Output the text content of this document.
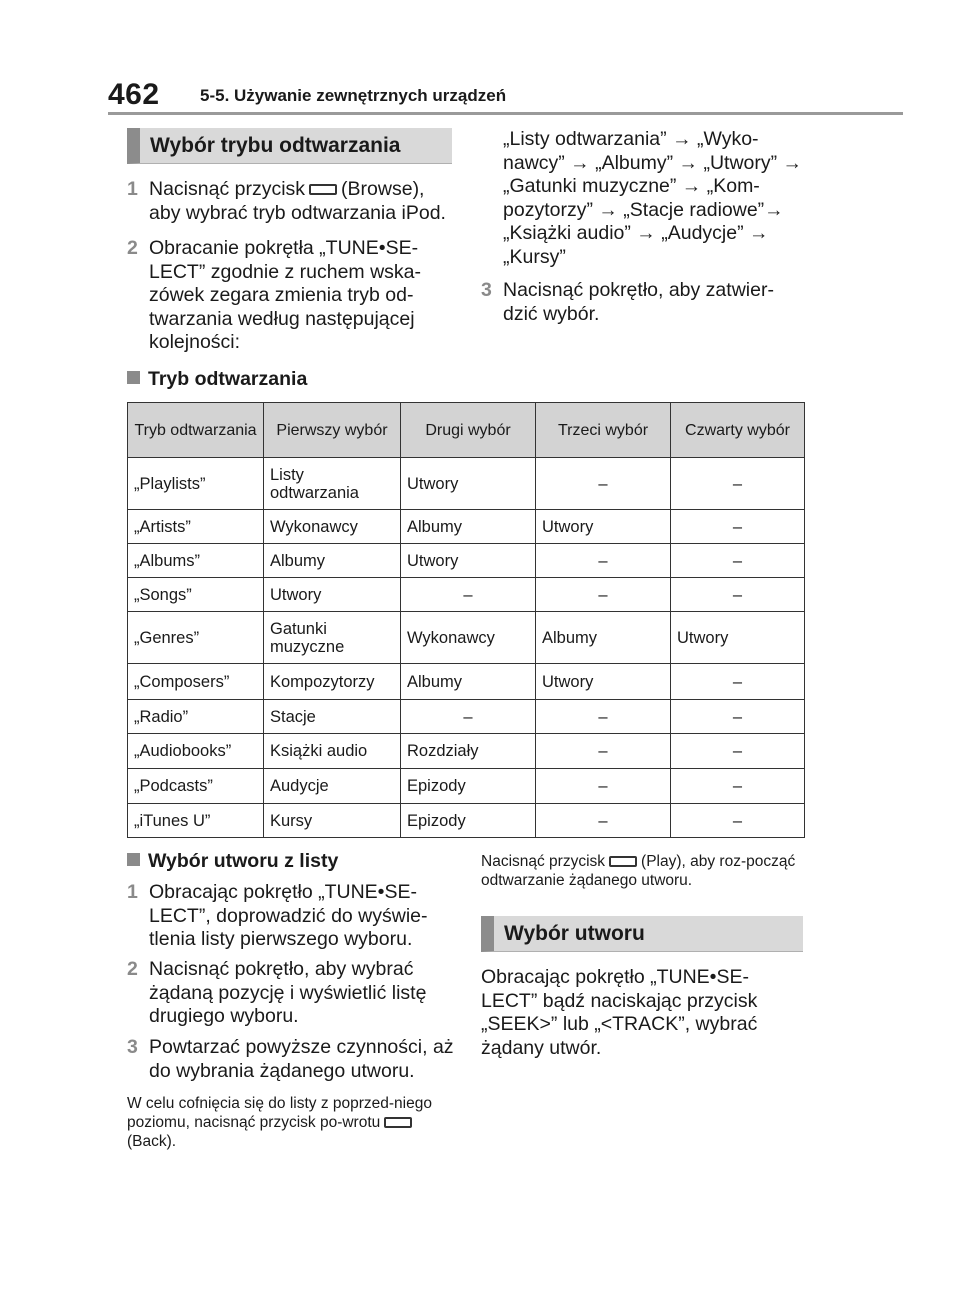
462 5-5. Używanie zewnętrznych urządzeń
Wybór trybu odtwarzania
1 Nacisnąć przycisk (Browse), aby wybrać tryb odtwarzania iPod.
2 Obracanie pokrętła „TUNE•SE-LECT” zgodnie z ruchem wska-zówek zegara zmienia tryb od-twarzania według następującej kolejności:
„Listy odtwarzania” → „Wyko-nawcy” → „Albumy” → „Utwory” → „Gatunki muzyczne” → „Kom-pozytorzy” → „Stacje radiowe”→ „Książki audio” → „Audycje” → „Kursy”
3 Nacisnąć pokrętło, aby zatwier-dzić wybór.
Tryb odtwarzania
Tryb odtwarzania	Pierwszy wybór	Drugi wybór	Trzeci wybór	Czwarty wybór
„Playlists”	Listy odtwarzania	Utwory	–	–
„Artists”	Wykonawcy	Albumy	Utwory	–
„Albums”	Albumy	Utwory	–	–
„Songs”	Utwory	–	–	–
„Genres”	Gatunki muzyczne	Wykonawcy	Albumy	Utwory
„Composers”	Kompozytorzy	Albumy	Utwory	–
„Radio”	Stacje	–	–	–
„Audiobooks”	Książki audio	Rozdziały	–	–
„Podcasts”	Audycje	Epizody	–	–
„iTunes U”	Kursy	Epizody	–	–
Wybór utworu z listy
1 Obracając pokrętło „TUNE•SE-LECT”, doprowadzić do wyświe-tlenia listy pierwszego wyboru.
2 Nacisnąć pokrętło, aby wybrać żądaną pozycję i wyświetlić listę drugiego wyboru.
3 Powtarzać powyższe czynności, aż do wybrania żądanego utworu.
W celu cofnięcia się do listy z poprzed-niego poziomu, nacisnąć przycisk po-wrotu(Back).
Nacisnąć przycisk (Play), aby roz-począć odtwarzanie żądanego utworu.
Wybór utworu
Obracając pokrętło „TUNE•SE-LECT” bądź naciskając przycisk „SEEK>” lub „<TRACK”, wybrać żądany utwór.
